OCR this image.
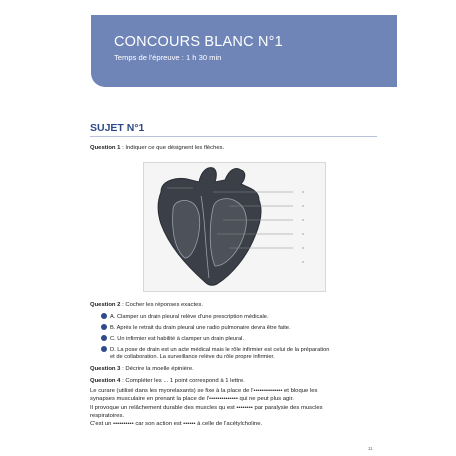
CONCOURS BLANC N°1
Temps de l'épreuve : 1 h 30 min
SUJET N°1
Question 1 : Indiquer ce que désignent les flèches.
Question 2 : Cocher les réponses exactes.
A. Clamper un drain pleural relève d'une prescription médicale.
B. Après le retrait du drain pleural une radio pulmonaire devra être faite.
C. Un infirmier est habilité à clamper un drain pleural.
D. La pose de drain est un acte médical mais le rôle infirmier est celui de la préparation
et de collaboration. La surveillance relève du rôle propre infirmier.
Question 3 : Décrire la moelle épinière.
Question 4 : Compléter les ... 1 point correspond à 1 lettre.
Le curare (utilisé dans les myorelaxants) se fixe à la place de l'•••••••••••••• et bloque les
synapses musculaire en prenant la place de l'•••••••••••••• qui ne peut plus agir.
Il provoque un relâchement durable des muscles qu est •••••••• par paralysie des muscles
respiratoires.
C'est un •••••••••• car son action est •••••• à celle de l'acétylcholine.
11
